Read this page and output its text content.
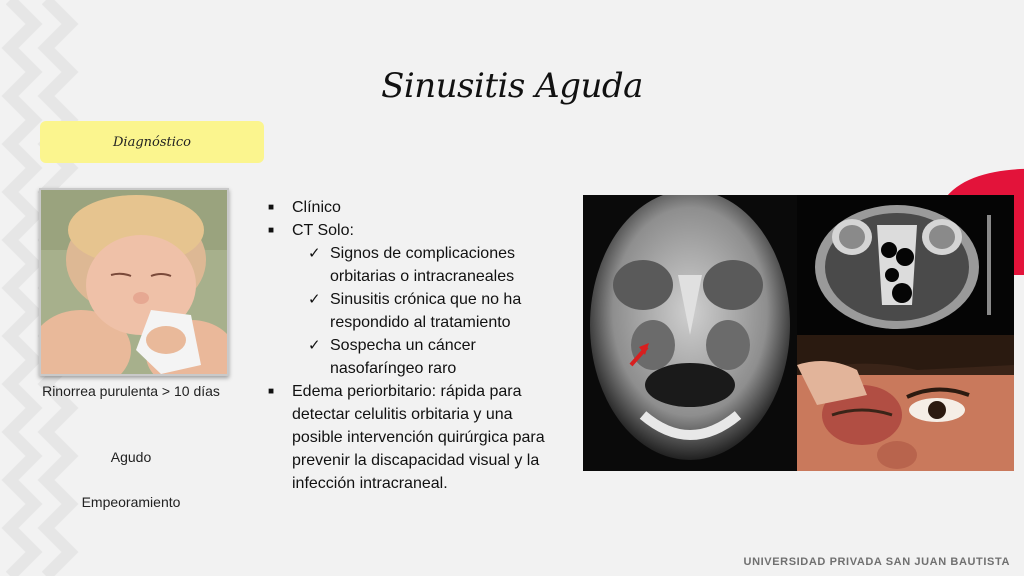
Sinusitis Aguda
Diagnóstico
Rinorrea purulenta > 10 días
Agudo
Empeoramiento
■ Clínico
■ CT Solo:
✓ Signos de complicaciones orbitarias o intracraneales
✓ Sinusitis crónica que no ha respondido al tratamiento
✓ Sospecha un cáncer nasofaríngeo raro
■ Edema periorbitario: rápida para detectar celulitis orbitaria y una posible intervención quirúrgica para prevenir la discapacidad visual y la infección intracraneal.
UNIVERSIDAD PRIVADA SAN JUAN BAUTISTA
